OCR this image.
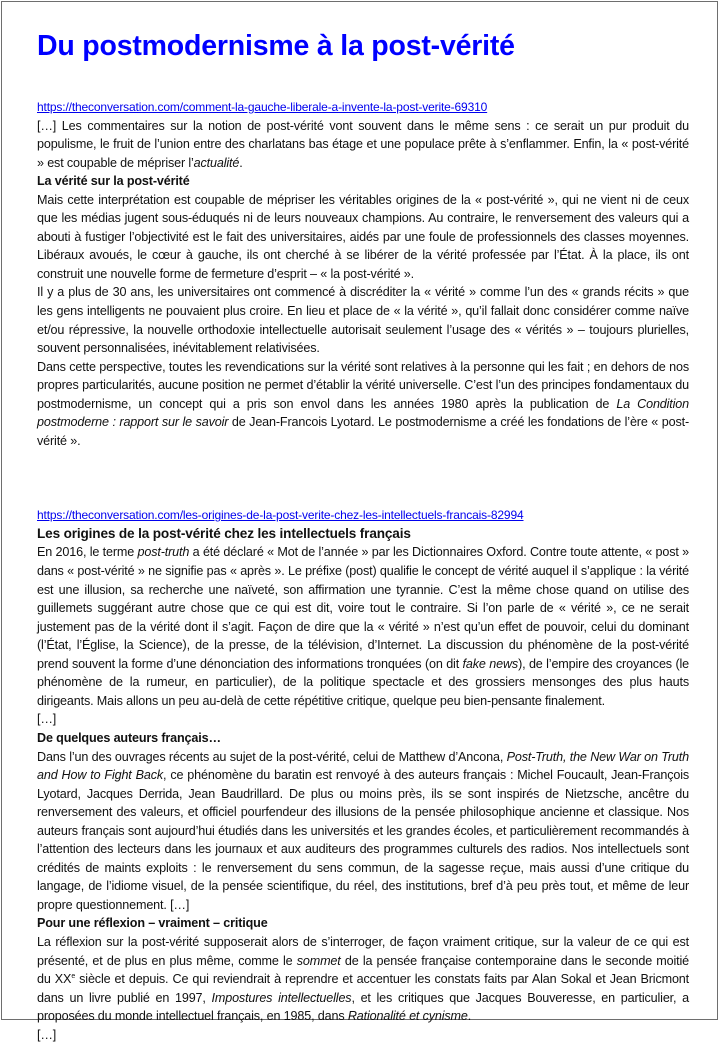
Du postmodernisme à la post-vérité

https://theconversation.com/comment-la-gauche-liberale-a-invente-la-post-verite-69310

[…] Les commentaires sur la notion de post-vérité vont souvent dans le même sens : ce serait un pur produit du populisme, le fruit de l’union entre des charlatans bas étage et une populace prête à s’enflammer. Enfin, la « post-vérité » est coupable de mépriser l’actualité.

La vérité sur la post-vérité

Mais cette interprétation est coupable de mépriser les véritables origines de la « post-vérité », qui ne vient ni de ceux que les médias jugent sous-éduqués ni de leurs nouveaux champions. Au contraire, le renversement des valeurs qui a abouti à fustiger l’objectivité est le fait des universitaires, aidés par une foule de professionnels des classes moyennes. Libéraux avoués, le cœur à gauche, ils ont cherché à se libérer de la vérité professée par l’État. À la place, ils ont construit une nouvelle forme de fermeture d’esprit – « la post-vérité ».

Il y a plus de 30 ans, les universitaires ont commencé à discréditer la « vérité » comme l’un des « grands récits » que les gens intelligents ne pouvaient plus croire. En lieu et place de « la vérité », qu’il fallait donc considérer comme naïve et/ou répressive, la nouvelle orthodoxie intellectuelle autorisait seulement l’usage des « vérités » – toujours plurielles, souvent personnalisées, inévitablement relativisées.

Dans cette perspective, toutes les revendications sur la vérité sont relatives à la personne qui les fait ; en dehors de nos propres particularités, aucune position ne permet d’établir la vérité universelle. C’est l’un des principes fondamentaux du postmodernisme, un concept qui a pris son envol dans les années 1980 après la publication de La Condition postmoderne : rapport sur le savoir de Jean-Francois Lyotard. Le postmodernisme a créé les fondations de l’ère « post-vérité ».

https://theconversation.com/les-origines-de-la-post-verite-chez-les-intellectuels-francais-82994

Les origines de la post-vérité chez les intellectuels français

En 2016, le terme post-truth a été déclaré « Mot de l’année » par les Dictionnaires Oxford. Contre toute attente, « post » dans « post-vérité » ne signifie pas « après ». Le préfixe (post) qualifie le concept de vérité auquel il s’applique : la vérité est une illusion, sa recherche une naïveté, son affirmation une tyrannie. C’est la même chose quand on utilise des guillemets suggérant autre chose que ce qui est dit, voire tout le contraire. Si l’on parle de « vérité », ce ne serait justement pas de la vérité dont il s’agit. Façon de dire que la « vérité » n’est qu’un effet de pouvoir, celui du dominant (l’État, l’Église, la Science), de la presse, de la télévision, d’Internet. La discussion du phénomène de la post-vérité prend souvent la forme d’une dénonciation des informations tronquées (on dit fake news), de l’empire des croyances (le phénomène de la rumeur, en particulier), de la politique spectacle et des grossiers mensonges des plus hauts dirigeants. Mais allons un peu au-delà de cette répétitive critique, quelque peu bien-pensante finalement.

[…]

De quelques auteurs français…

Dans l’un des ouvrages récents au sujet de la post-vérité, celui de Matthew d’Ancona, Post-Truth, the New War on Truth and How to Fight Back, ce phénomène du baratin est renvoyé à des auteurs français : Michel Foucault, Jean-François Lyotard, Jacques Derrida, Jean Baudrillard. De plus ou moins près, ils se sont inspirés de Nietzsche, ancêtre du renversement des valeurs, et officiel pourfendeur des illusions de la pensée philosophique ancienne et classique. Nos auteurs français sont aujourd’hui étudiés dans les universités et les grandes écoles, et particulièrement recommandés à l’attention des lecteurs dans les journaux et aux auditeurs des programmes culturels des radios. Nos intellectuels sont crédités de maints exploits : le renversement du sens commun, de la sagesse reçue, mais aussi d’une critique du langage, de l’idiome visuel, de la pensée scientifique, du réel, des institutions, bref d’à peu près tout, et même de leur propre questionnement. […]

Pour une réflexion – vraiment – critique

La réflexion sur la post-vérité supposerait alors de s’interroger, de façon vraiment critique, sur la valeur de ce qui est présenté, et de plus en plus même, comme le sommet de la pensée française contemporaine dans le seconde moitié du XXe siècle et depuis. Ce qui reviendrait à reprendre et accentuer les constats faits par Alan Sokal et Jean Bricmont dans un livre publié en 1997, Impostures intellectuelles, et les critiques que Jacques Bouveresse, en particulier, a proposées du monde intellectuel français, en 1985, dans Rationalité et cynisme.

[…]
